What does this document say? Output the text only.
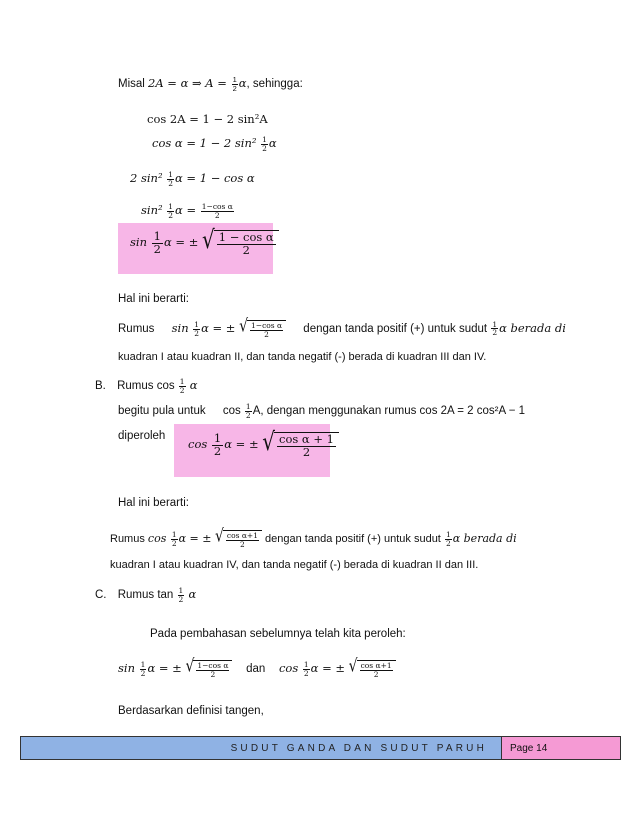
Misal 2A = α ⇒ $A = \frac{1}{2} \alpha$, sehingga:
cos 2A = 1 − 2 sin²A
cos α = 1 − 2 $\sin^2 \frac{1}{2}$ α
2 $\sin^2 \frac{1}{2}$ α = 1 − cos α
$\sin^2 \frac{1}{2}$ $\alpha = \frac{\text{1−cos α}}{2}$
$\sin \frac{1}{2}$ α = ± √ $\frac{\text{1 − cos α}}{2}$
Hal ini berarti:
Rumus $\sin \frac{1}{2}$ α = ± √ $\frac{\text{1−cos α}}{2}$ dengan tanda positif (+) untuk sudut $\frac{1}{2}$ α berada di
kuadran I atau kuadran II, dan tanda negatif (-) berada di kuadran III dan IV.
B. Rumus $\cos \frac{1}{2}$ α
begitu pula untuk $\cos \frac{1}{2} A$, dengan menggunakan rumus cos 2A = 2 cos²A − 1
diperoleh
$\cos \frac{1}{2}$ α = ± √ $\frac{\text{cos α + 1}}{2}$
Hal ini berarti:
Rumus $\cos \frac{1}{2}$ α = ± √ $\frac{\text{cos α+1}}{2}$ dengan tanda positif (+) untuk sudut $\frac{1}{2}$ α berada di
kuadran I atau kuadran IV, dan tanda negatif (-) berada di kuadran II dan III.
C. Rumus $\tan \frac{1}{2}$ α
Pada pembahasan sebelumnya telah kita peroleh:
$\sin \frac{1}{2}$ α = ± √ $\frac{\text{1−cos α}}{2}$ dan $\cos \frac{1}{2}$ α = ± √ $\frac{\text{cos α+1}}{2}$
Berdasarkan definisi tangen,
SUDUT GANDA DAN SUDUT PARUH	Page 14
